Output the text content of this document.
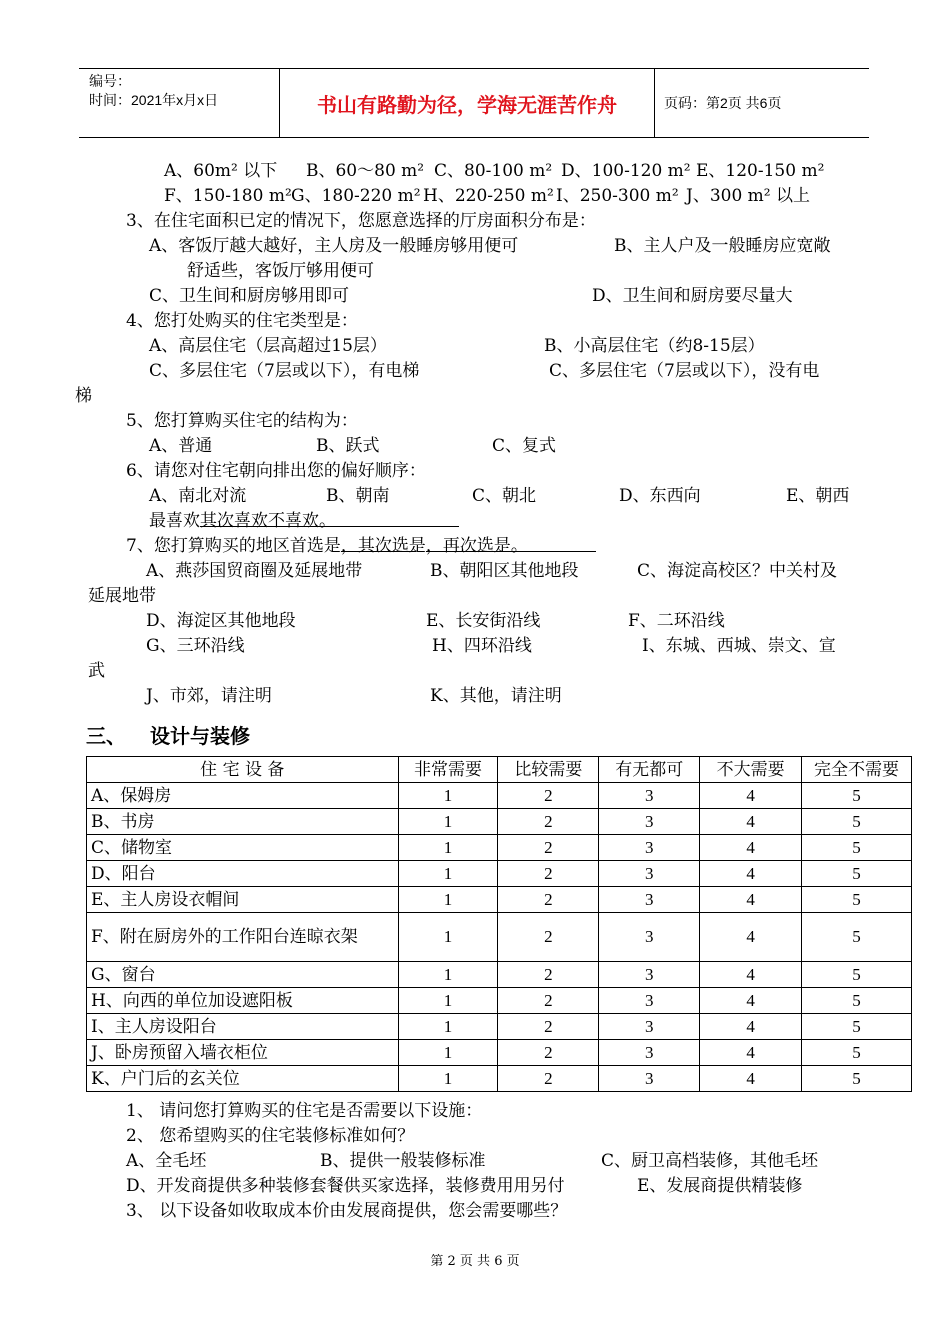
编号：
时间：2021年x月x日	书山有路勤为径，学海无涯苦作舟	页码：第2页 共6页
A、60m² 以下 B、60～80 m² C、80-100 m² D、100-120 m² E、120-150 m²
F、150-180 m² G、180-220 m² H、220-250 m² I、250-300 m² J、300 m² 以上
3、在住宅面积已定的情况下，您愿意选择的厅房面积分布是：
A、客饭厅越大越好，主人房及一般睡房够用便可	B、主人户及一般睡房应宽敞
舒适些，客饭厅够用便可
C、卫生间和厨房够用即可	D、卫生间和厨房要尽量大
4、您打处购买的住宅类型是：
A、高层住宅（层高超过15层）	B、小高层住宅（约8-15层）
C、多层住宅（7层或以下），有电梯	C、多层住宅（7层或以下），没有电
梯
5、您打算购买住宅的结构为：
A、普通	B、跃式	C、复式
6、请您对住宅朝向排出您的偏好顺序：
A、南北对流	B、朝南	C、朝北	D、东西向	E、朝西
最喜欢
其次喜欢
不喜欢
。
7、您打算购买的地区首选是
，其次选是
，再次选是
。
A、燕莎国贸商圈及延展地带	B、朝阳区其他地段	C、海淀高校区？中关村及
延展地带
D、海淀区其他地段	E、长安街沿线	F、二环沿线
G、三环沿线	H、四环沿线	I、东城、西城、崇文、宣
武
J、市郊，请注明	K、其他，请注明
三、 设计与装修
住 宅 设 备	非常需要	比较需要	有无都可	不大需要	完全不需要
A、保姆房	1	2	3	4	5
B、书房	1	2	3	4	5
C、储物室	1	2	3	4	5
D、阳台	1	2	3	4	5
E、主人房设衣帽间	1	2	3	4	5
F、附在厨房外的工作阳台连晾衣架	1	2	3	4	5
G、窗台	1	2	3	4	5
H、向西的单位加设遮阳板	1	2	3	4	5
I、主人房设阳台	1	2	3	4	5
J、卧房预留入墙衣柜位	1	2	3	4	5
K、户门后的玄关位	1	2	3	4	5
1、 请问您打算购买的住宅是否需要以下设施：
2、 您希望购买的住宅装修标准如何？
A、全毛坯	B、提供一般装修标准	C、厨卫高档装修，其他毛坯
D、开发商提供多种装修套餐供买家选择，装修费用用另付	E、发展商提供精装修
3、 以下设备如收取成本价由发展商提供，您会需要哪些？
第 2 页 共 6 页
